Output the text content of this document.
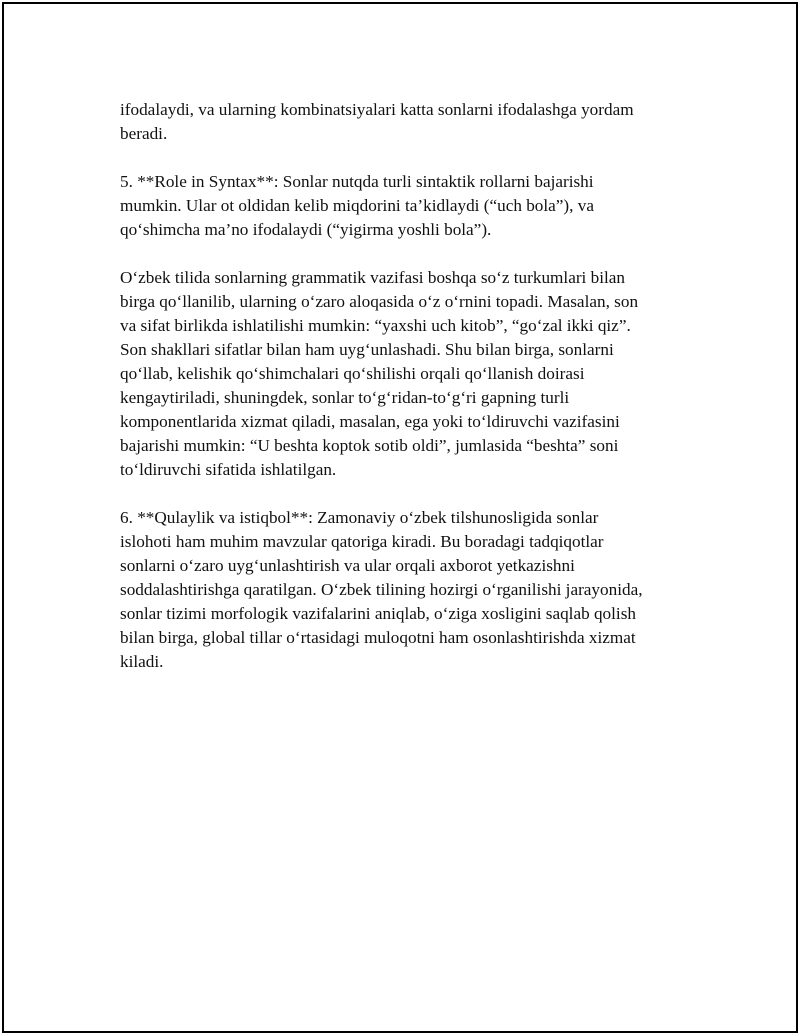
ifodalaydi, va ularning kombinatsiyalari katta sonlarni ifodalashga yordam
beradi.

5. **Role in Syntax**: Sonlar nutqda turli sintaktik rollarni bajarishi
mumkin. Ular ot oldidan kelib miqdorini ta’kidlaydi (“uch bola”), va
qo‘shimcha ma’no ifodalaydi (“yigirma yoshli bola”).

O‘zbek tilida sonlarning grammatik vazifasi boshqa so‘z turkumlari bilan
birga qo‘llanilib, ularning o‘zaro aloqasida o‘z o‘rnini topadi. Masalan, son
va sifat birlikda ishlatilishi mumkin: “yaxshi uch kitob”, “go‘zal ikki qiz”.
Son shakllari sifatlar bilan ham uyg‘unlashadi. Shu bilan birga, sonlarni
qo‘llab, kelishik qo‘shimchalari qo‘shilishi orqali qo‘llanish doirasi
kengaytiriladi, shuningdek, sonlar to‘g‘ridan-to‘g‘ri gapning turli
komponentlarida xizmat qiladi, masalan, ega yoki to‘ldiruvchi vazifasini
bajarishi mumkin: “U beshta koptok sotib oldi”, jumlasida “beshta” soni
to‘ldiruvchi sifatida ishlatilgan.

6. **Qulaylik va istiqbol**: Zamonaviy o‘zbek tilshunosligida sonlar
islohoti ham muhim mavzular qatoriga kiradi. Bu boradagi tadqiqotlar
sonlarni o‘zaro uyg‘unlashtirish va ular orqali axborot yetkazishni
soddalashtirishga qaratilgan. O‘zbek tilining hozirgi o‘rganilishi jarayonida,
sonlar tizimi morfologik vazifalarini aniqlab, o‘ziga xosligini saqlab qolish
bilan birga, global tillar o‘rtasidagi muloqotni ham osonlashtirishda xizmat
kiladi.
